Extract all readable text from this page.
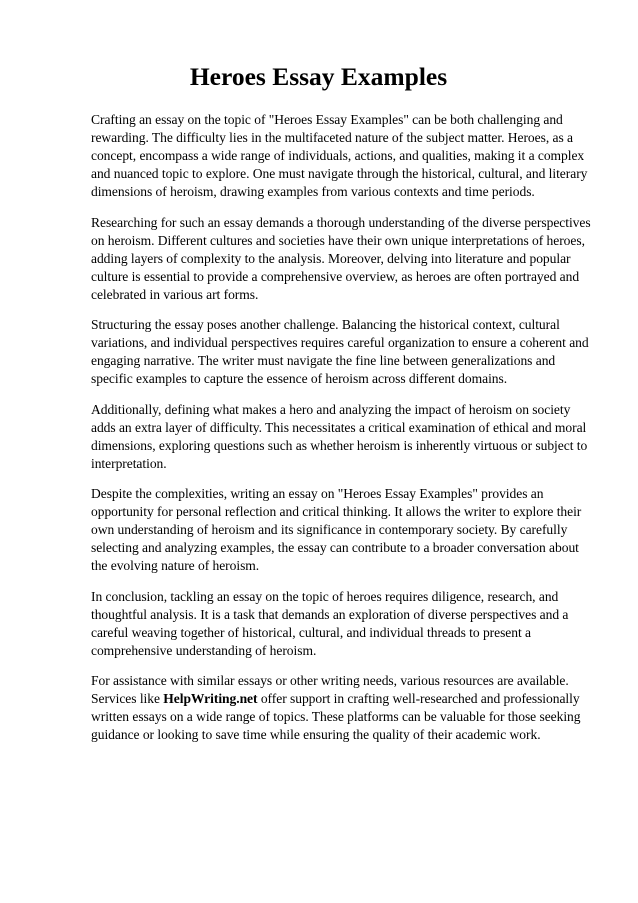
Heroes Essay Examples

Crafting an essay on the topic of "Heroes Essay Examples" can be both challenging and rewarding. The difficulty lies in the multifaceted nature of the subject matter. Heroes, as a concept, encompass a wide range of individuals, actions, and qualities, making it a complex and nuanced topic to explore. One must navigate through the historical, cultural, and literary dimensions of heroism, drawing examples from various contexts and time periods.

Researching for such an essay demands a thorough understanding of the diverse perspectives on heroism. Different cultures and societies have their own unique interpretations of heroes, adding layers of complexity to the analysis. Moreover, delving into literature and popular culture is essential to provide a comprehensive overview, as heroes are often portrayed and celebrated in various art forms.

Structuring the essay poses another challenge. Balancing the historical context, cultural variations, and individual perspectives requires careful organization to ensure a coherent and engaging narrative. The writer must navigate the fine line between generalizations and specific examples to capture the essence of heroism across different domains.

Additionally, defining what makes a hero and analyzing the impact of heroism on society adds an extra layer of difficulty. This necessitates a critical examination of ethical and moral dimensions, exploring questions such as whether heroism is inherently virtuous or subject to interpretation.

Despite the complexities, writing an essay on "Heroes Essay Examples" provides an opportunity for personal reflection and critical thinking. It allows the writer to explore their own understanding of heroism and its significance in contemporary society. By carefully selecting and analyzing examples, the essay can contribute to a broader conversation about the evolving nature of heroism.

In conclusion, tackling an essay on the topic of heroes requires diligence, research, and thoughtful analysis. It is a task that demands an exploration of diverse perspectives and a careful weaving together of historical, cultural, and individual threads to present a comprehensive understanding of heroism.

For assistance with similar essays or other writing needs, various resources are available. Services like HelpWriting.net offer support in crafting well-researched and professionally written essays on a wide range of topics. These platforms can be valuable for those seeking guidance or looking to save time while ensuring the quality of their academic work.
